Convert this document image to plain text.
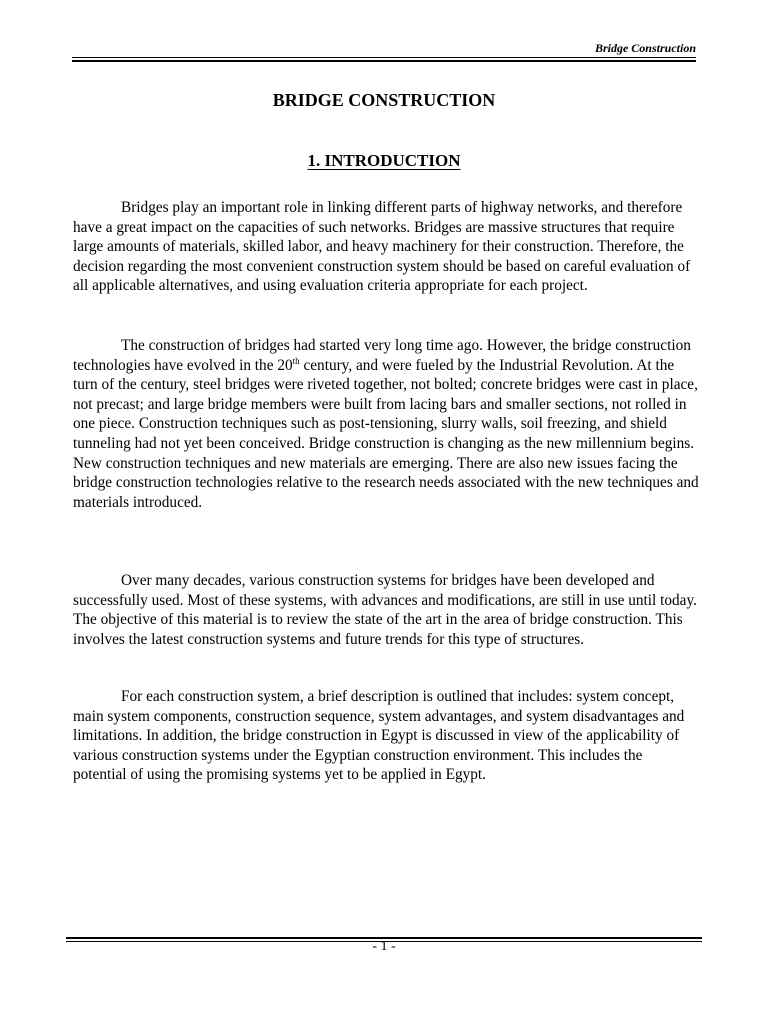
Bridge Construction
BRIDGE CONSTRUCTION
1. INTRODUCTION

Bridges play an important role in linking different parts of highway networks, and therefore have a great impact on the capacities of such networks. Bridges are massive structures that require large amounts of materials, skilled labor, and heavy machinery for their construction. Therefore, the decision regarding the most convenient construction system should be based on careful evaluation of all applicable alternatives, and using evaluation criteria appropriate for each project.

The construction of bridges had started very long time ago. However, the bridge construction technologies have evolved in the 20th century, and were fueled by the Industrial Revolution. At the turn of the century, steel bridges were riveted together, not bolted; concrete bridges were cast in place, not precast; and large bridge members were built from lacing bars and smaller sections, not rolled in one piece. Construction techniques such as post-tensioning, slurry walls, soil freezing, and shield tunneling had not yet been conceived. Bridge construction is changing as the new millennium begins. New construction techniques and new materials are emerging. There are also new issues facing the bridge construction technologies relative to the research needs associated with the new techniques and materials introduced.

Over many decades, various construction systems for bridges have been developed and successfully used. Most of these systems, with advances and modifications, are still in use until today. The objective of this material is to review the state of the art in the area of bridge construction. This involves the latest construction systems and future trends for this type of structures.

For each construction system, a brief description is outlined that includes: system concept, main system components, construction sequence, system advantages, and system disadvantages and limitations. In addition, the bridge construction in Egypt is discussed in view of the applicability of various construction systems under the Egyptian construction environment. This includes the potential of using the promising systems yet to be applied in Egypt.

- 1 -
